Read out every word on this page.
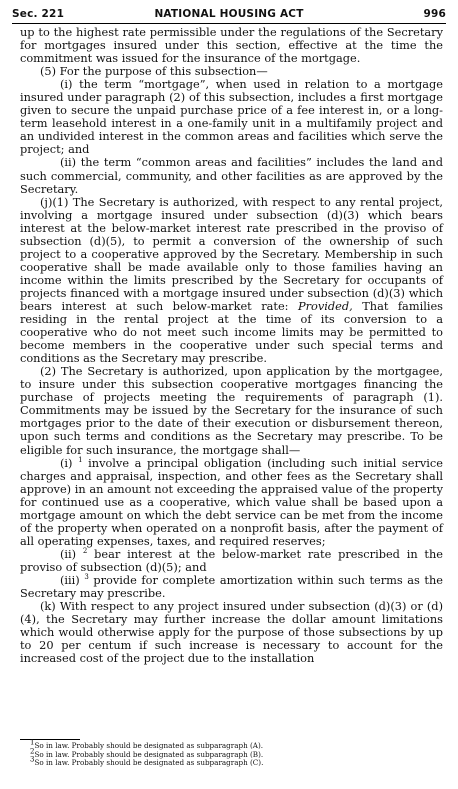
Sec. 221	NATIONAL HOUSING ACT	996

up to the highest rate permissible under the regulations of the Secretary for mortgages insured under this section, effective at the time the commitment was issued for the insurance of the mortgage.

(5) For the purpose of this subsection—

(i) the term “mortgage”, when used in relation to a mortgage insured under paragraph (2) of this subsection, includes a first mortgage given to secure the unpaid purchase price of a fee interest in, or a long-term leasehold interest in a one-family unit in a multifamily project and an undivided interest in the common areas and facilities which serve the project; and

(ii) the term “common areas and facilities” includes the land and such commercial, community, and other facilities as are approved by the Secretary.

(j)(1) The Secretary is authorized, with respect to any rental project, involving a mortgage insured under subsection (d)(3) which bears interest at the below-market interest rate prescribed in the proviso of subsection (d)(5), to permit a conversion of the ownership of such project to a cooperative approved by the Secretary. Membership in such cooperative shall be made available only to those families having an income within the limits prescribed by the Secretary for occupants of projects financed with a mortgage insured under subsection (d)(3) which bears interest at such below-market rate: Provided, That families residing in the rental project at the time of its conversion to a cooperative who do not meet such income limits may be permitted to become members in the cooperative under such special terms and conditions as the Secretary may prescribe.

(2) The Secretary is authorized, upon application by the mortgagee, to insure under this subsection cooperative mortgages financing the purchase of projects meeting the requirements of paragraph (1). Commitments may be issued by the Secretary for the insurance of such mortgages prior to the date of their execution or disbursement thereon, upon such terms and conditions as the Secretary may prescribe. To be eligible for such insurance, the mortgage shall—

(i) $^1$ involve a principal obligation (including such initial service charges and appraisal, inspection, and other fees as the Secretary shall approve) in an amount not exceeding the appraised value of the property for continued use as a cooperative, which value shall be based upon a mortgage amount on which the debt service can be met from the income of the property when operated on a nonprofit basis, after the payment of all operating expenses, taxes, and required reserves;

(ii) $^2$ bear interest at the below-market rate prescribed in the proviso of subsection (d)(5); and

(iii) $^3$ provide for complete amortization within such terms as the Secretary may prescribe.

(k) With respect to any project insured under subsection (d)(3) or (d)(4), the Secretary may further increase the dollar amount limitations which would otherwise apply for the purpose of those subsections by up to 20 per centum if such increase is necessary to account for the increased cost of the project due to the installation

$^1$So in law. Probably should be designated as subparagraph (A).
$^2$So in law. Probably should be designated as subparagraph (B).
$^3$So in law. Probably should be designated as subparagraph (C).
